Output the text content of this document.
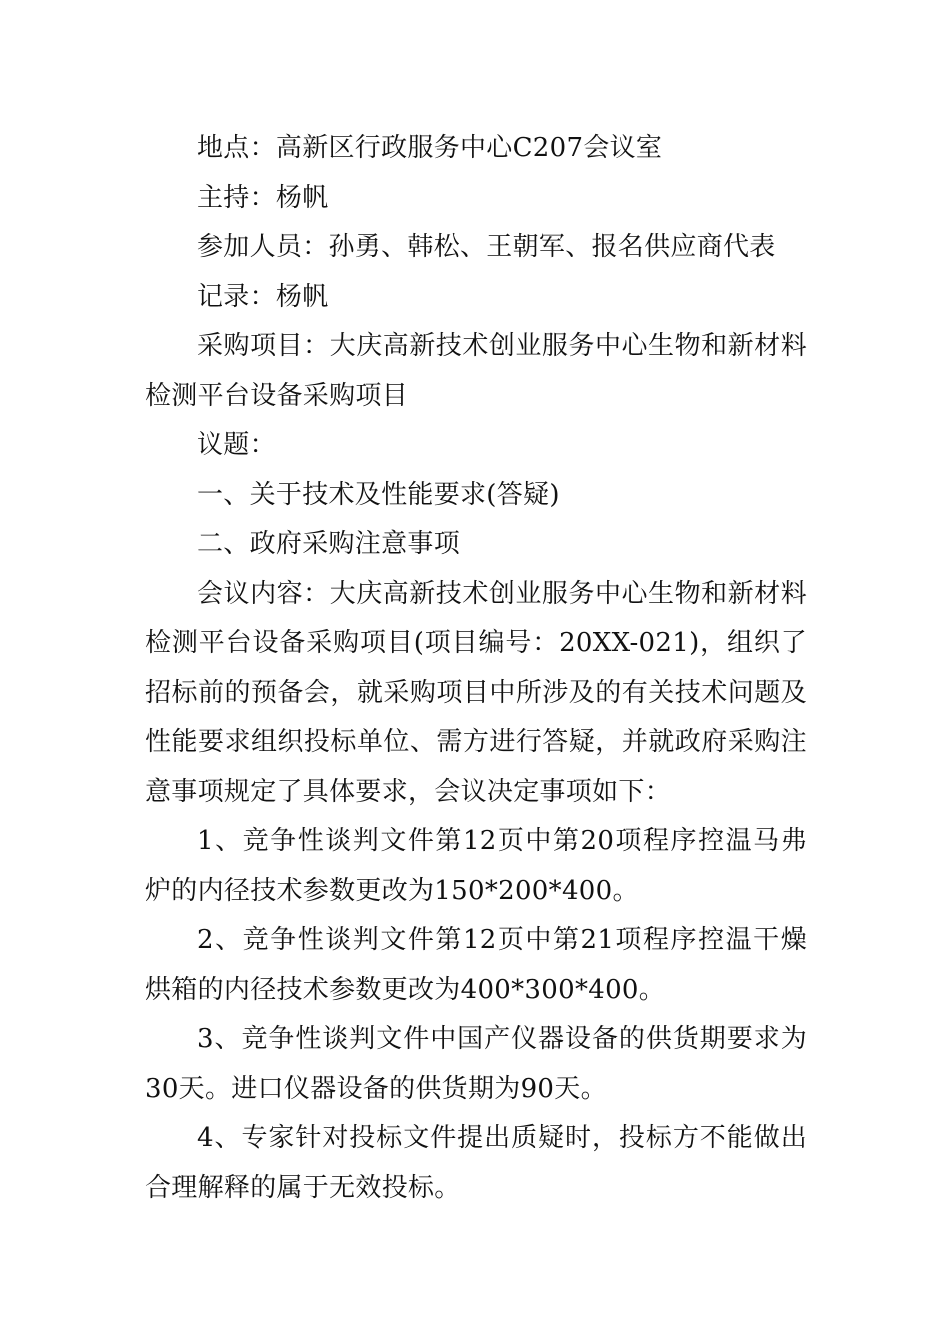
地点：高新区行政服务中心C207会议室

主持：杨帆

参加人员：孙勇、韩松、王朝军、报名供应商代表

记录：杨帆

采购项目：大庆高新技术创业服务中心生物和新材料检测平台设备采购项目

议题：

一、关于技术及性能要求(答疑)

二、政府采购注意事项

会议内容：大庆高新技术创业服务中心生物和新材料检测平台设备采购项目(项目编号：20XX-021)，组织了招标前的预备会，就采购项目中所涉及的有关技术问题及性能要求组织投标单位、需方进行答疑，并就政府采购注意事项规定了具体要求，会议决定事项如下：

1、竞争性谈判文件第12页中第20项程序控温马弗炉的内径技术参数更改为150*200*400。

2、竞争性谈判文件第12页中第21项程序控温干燥烘箱的内径技术参数更改为400*300*400。

3、竞争性谈判文件中国产仪器设备的供货期要求为30天。进口仪器设备的供货期为90天。

4、专家针对投标文件提出质疑时，投标方不能做出合理解释的属于无效投标。
